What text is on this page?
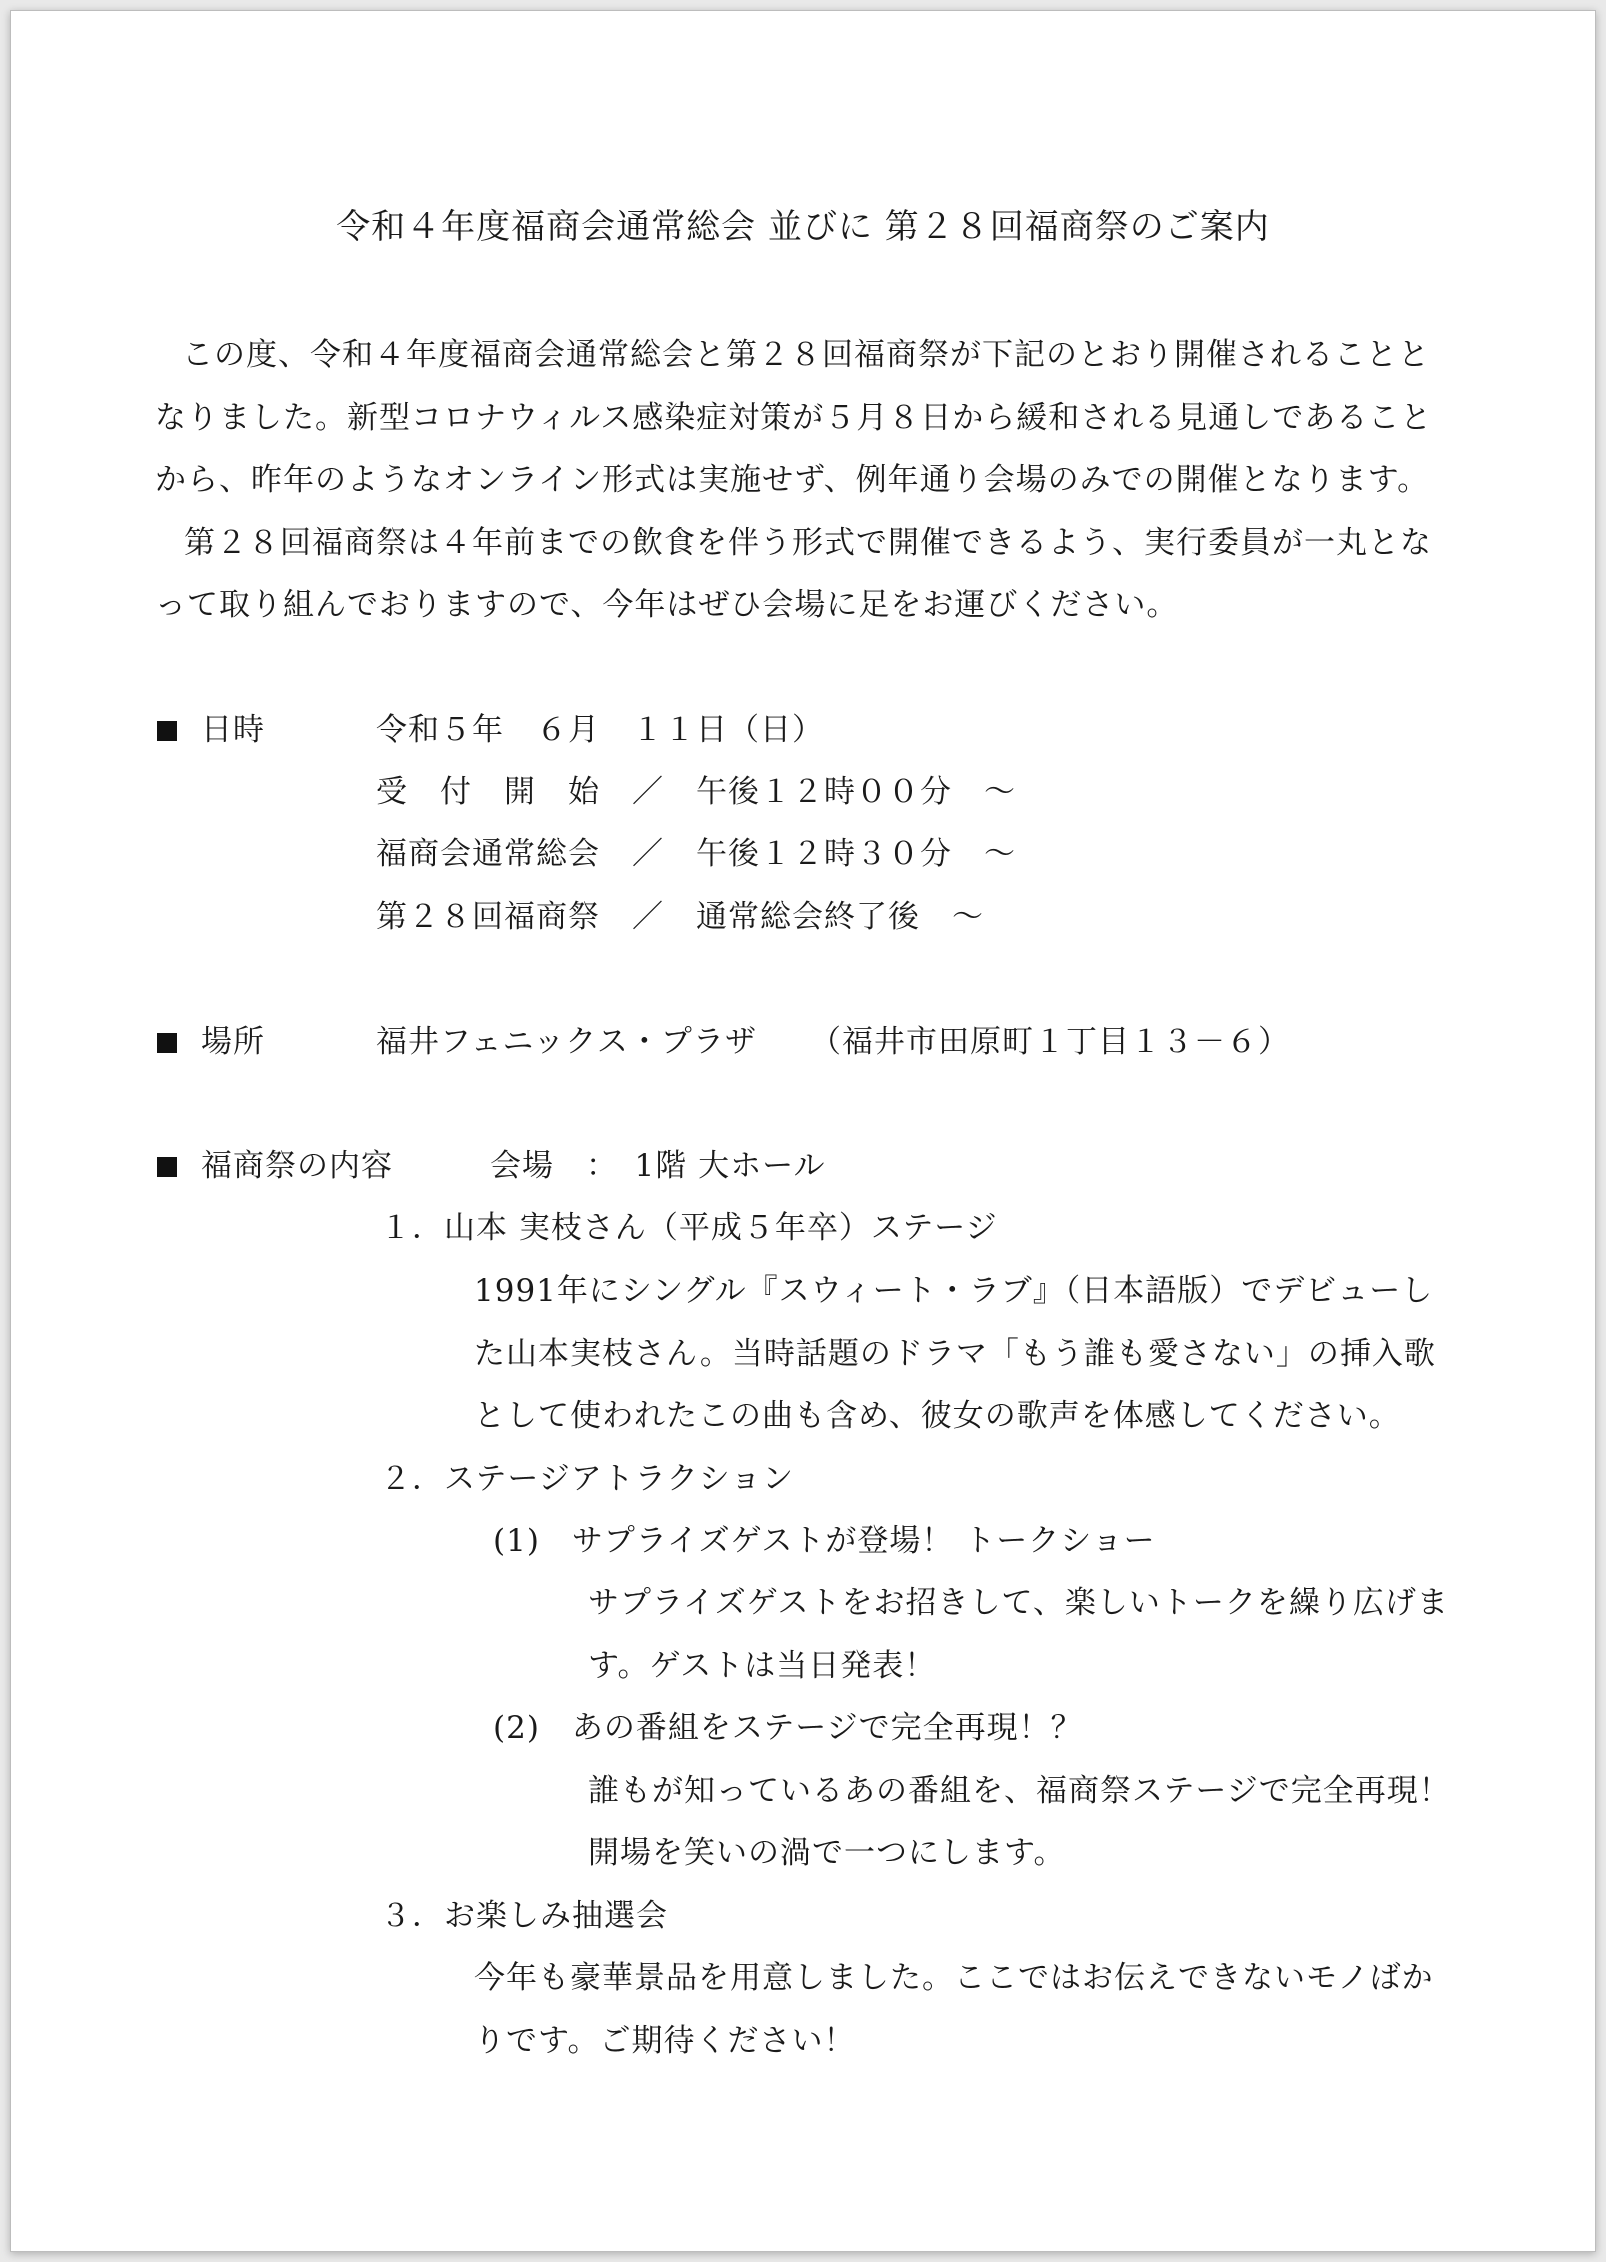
令和４年度福商会通常総会 並びに 第２８回福商祭のご案内
この度、令和４年度福商会通常総会と第２８回福商祭が下記のとおり開催されることと
なりました。新型コロナウィルス感染症対策が５月８日から緩和される見通しであること
から、昨年のようなオンライン形式は実施せず、例年通り会場のみでの開催となります。
第２８回福商祭は４年前までの飲食を伴う形式で開催できるよう、実行委員が一丸とな
って取り組んでおりますので、今年はぜひ会場に足をお運びください。
日時	令和５年　６月　１１日（日）
受　付　開　始　／　午後１２時００分　～
福商会通常総会　／　午後１２時３０分　～
第２８回福商祭　／　通常総会終了後　～
場所	福井フェニックス・プラザ （福井市田原町１丁目１３－６）
福商祭の内容	会場　：　1階 大ホール
１．山本 実枝さん（平成５年卒）ステージ
1991年にシングル『スウィート・ラブ』（日本語版）でデビューし
た山本実枝さん。当時話題のドラマ「もう誰も愛さない」の挿入歌
として使われたこの曲も含め、彼女の歌声を体感してください。
２．ステージアトラクション
(1)　サプライズゲストが登場！ トークショー
サプライズゲストをお招きして、楽しいトークを繰り広げま
す。ゲストは当日発表！
(2)　あの番組をステージで完全再現！？
誰もが知っているあの番組を、福商祭ステージで完全再現！
開場を笑いの渦で一つにします。
３．お楽しみ抽選会
今年も豪華景品を用意しました。ここではお伝えできないモノばか
りです。ご期待ください！
